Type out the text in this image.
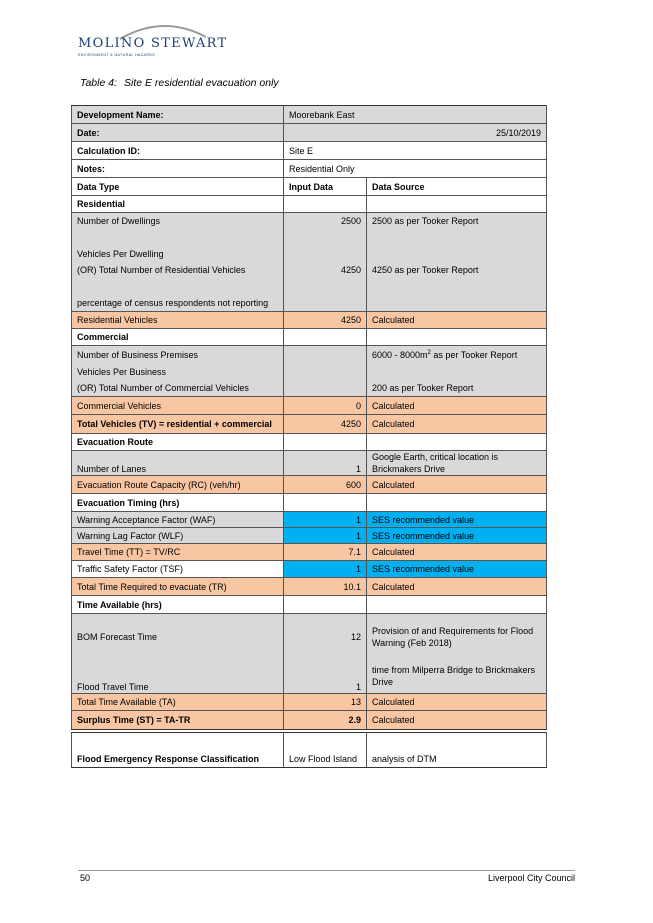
MOLINO STEWART
ENVIRONMENT & NATURAL HAZARDS
Table 4: Site E residential evacuation only
Development Name:	Moorebank East	
Date:	25/10/2019	
Calculation ID:	Site E	
Notes:	Residential Only	
Data Type	Input Data	Data Source
Residential		
Number of Dwellings	2500	2500 as per Tooker Report

Vehicles Per Dwelling		
(OR) Total Number of Residential Vehicles	4250	4250 as per Tooker Report

percentage of census respondents not reporting		
Residential Vehicles	4250	Calculated
Commercial		
Number of Business Premises		$6000 - 8000m^2$ as per Tooker Report
Vehicles Per Business		
(OR) Total Number of Commercial Vehicles		200 as per Tooker Report
Commercial Vehicles	0	Calculated
Total Vehicles (TV) = residential + commercial	4250	Calculated
Evacuation Route		
Number of Lanes	1	Google Earth, critical location is Brickmakers Drive
Evacuation Route Capacity (RC) (veh/hr)	600	Calculated
Evacuation Timing (hrs)		
Warning Acceptance Factor (WAF)	1	SES recommended value
Warning Lag Factor (WLF)	1	SES recommended value
Travel Time (TT) = TV/RC	7.1	Calculated
Traffic Safety Factor (TSF)	1	SES recommended value
Total Time Required to evacuate (TR)	10.1	Calculated
Time Available (hrs)		
BOM Forecast Time	12	Provision of and Requirements for Flood Warning (Feb 2018)
Flood Travel Time	1	time from Milperra Bridge to Brickmakers Drive
Total Time Available (TA)	13	Calculated
Surplus Time (ST) = TA-TR	2.9	Calculated
Flood Emergency Response Classification	Low Flood Island	analysis of DTM
50	Liverpool City Council
